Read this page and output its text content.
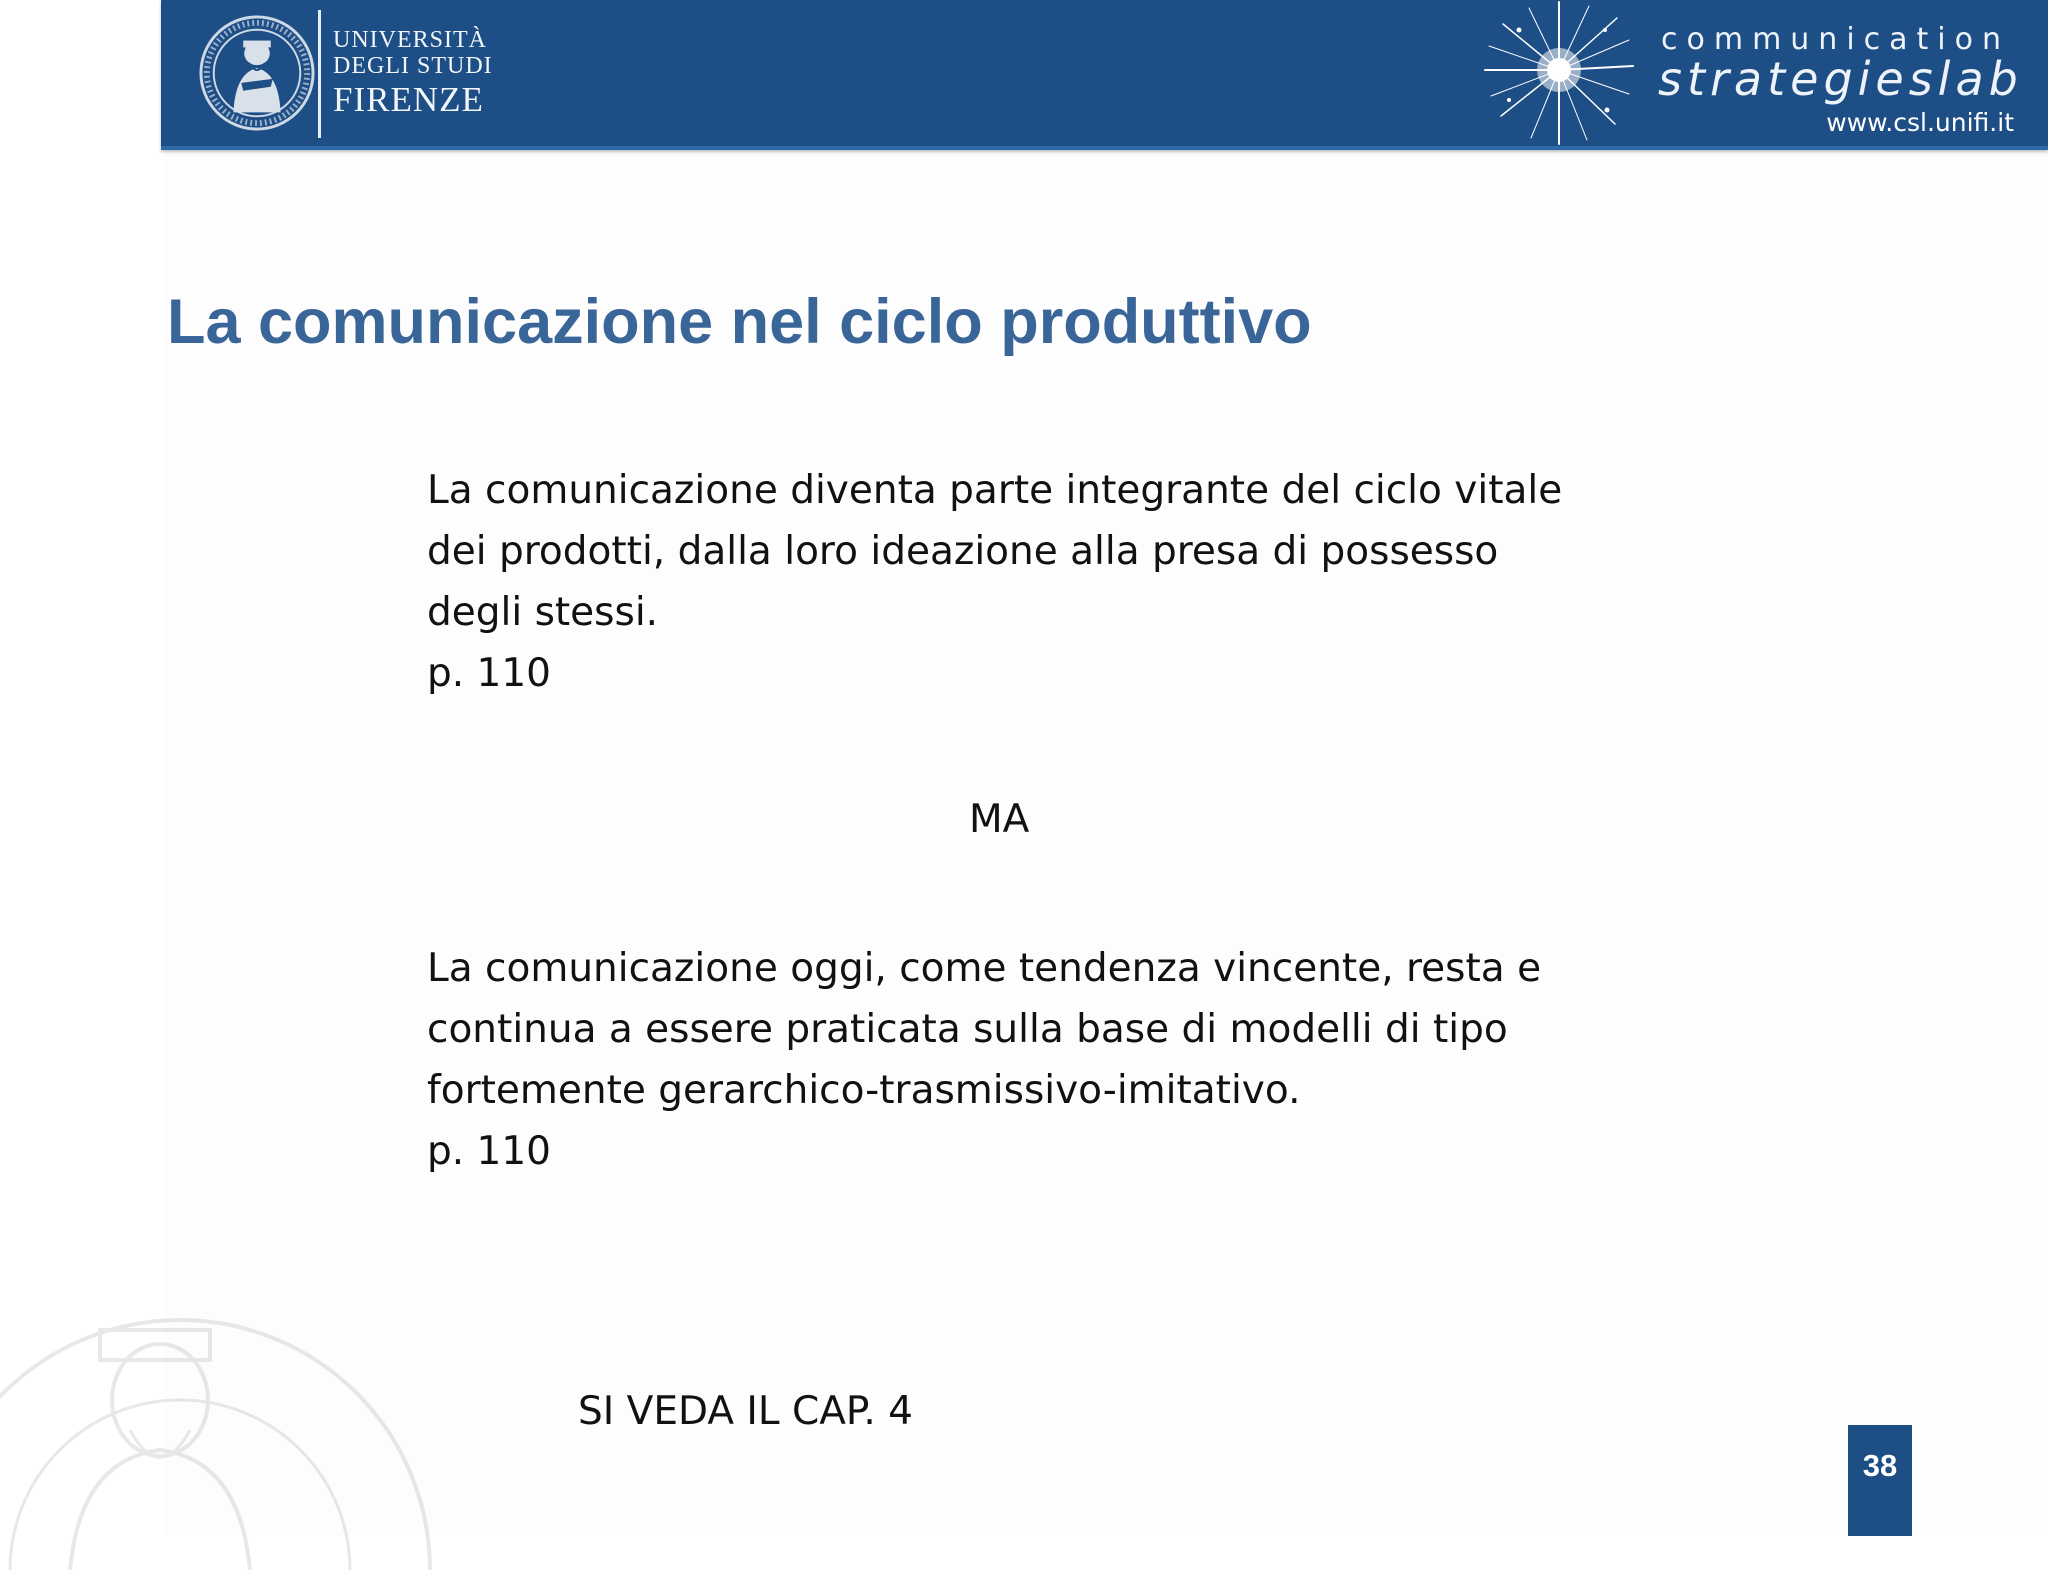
UNIVERSITÀ
DEGLI STUDI
FIRENZE
communication
strategieslab
www.csl.unifi.it
La comunicazione nel ciclo produttivo
La comunicazione diventa parte integrante del ciclo vitale
dei prodotti, dalla loro ideazione alla presa di possesso
degli stessi.
p. 110
MA
La comunicazione oggi, come tendenza vincente, resta e
continua a essere praticata sulla base di modelli di tipo
fortemente gerarchico-trasmissivo-imitativo.
p. 110
SI VEDA IL CAP. 4
38
